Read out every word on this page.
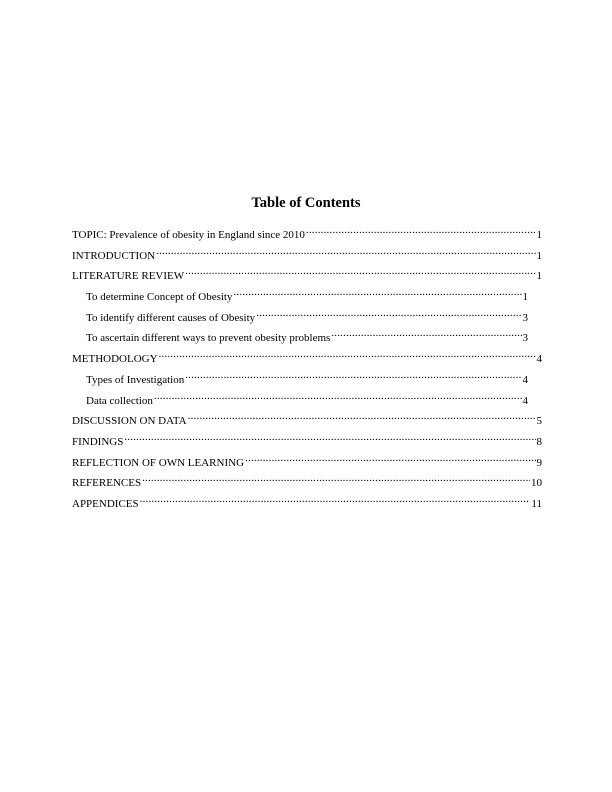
Table of Contents
TOPIC: Prevalence of obesity in England since 2010 .....	1
INTRODUCTION .....	1
LITERATURE REVIEW .....	1
To determine Concept of Obesity .....	1
To identify different causes of Obesity .....	3
To ascertain different ways to prevent obesity problems .....	3
METHODOLOGY .....	4
Types of Investigation .....	4
Data collection .....	4
DISCUSSION ON DATA .....	5
FINDINGS .....	8
REFLECTION OF OWN LEARNING .....	9
REFERENCES .....	10
APPENDICES .....	11
